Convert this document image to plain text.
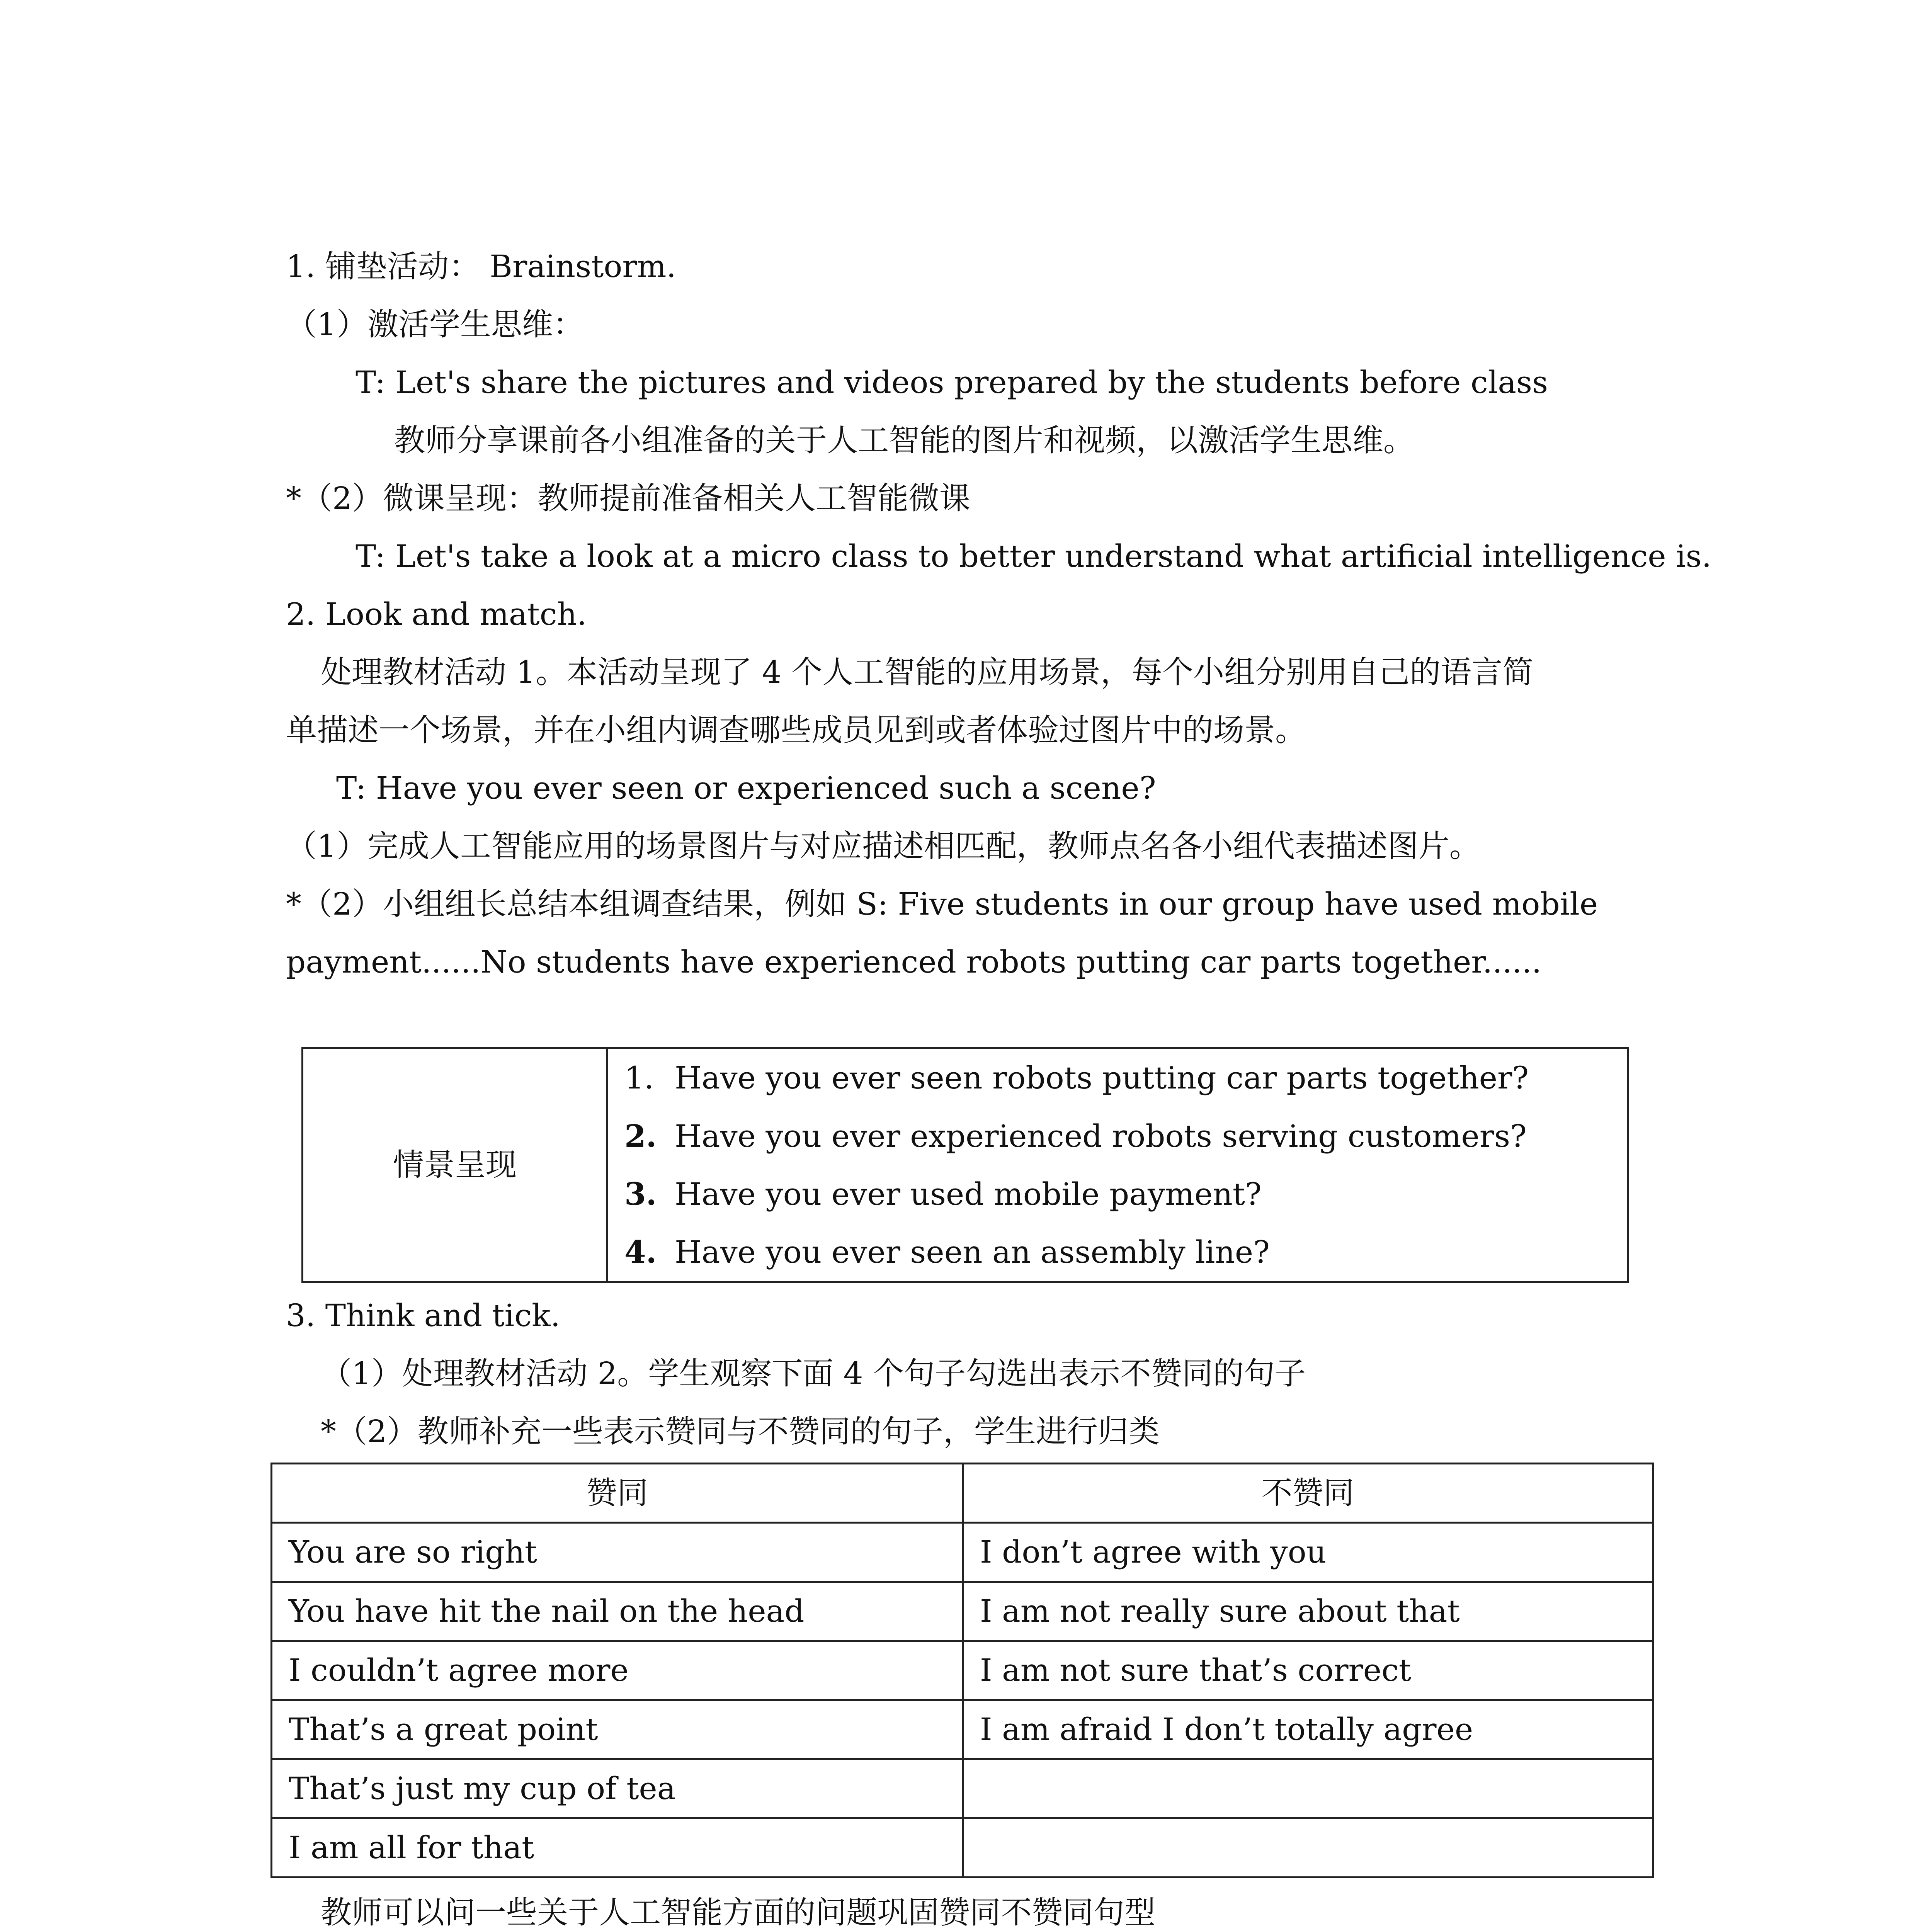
1. 铺垫活动： Brainstorm.
（1）激活学生思维：
T: Let's share the pictures and videos prepared by the students before class
教师分享课前各小组准备的关于人工智能的图片和视频，以激活学生思维。
*（2）微课呈现：教师提前准备相关人工智能微课
T: Let's take a look at a micro class to better understand what artificial intelligence is.
2. Look and match.
处理教材活动 1。本活动呈现了 4 个人工智能的应用场景，每个小组分别用自己的语言简
单描述一个场景，并在小组内调查哪些成员见到或者体验过图片中的场景。
T: Have you ever seen or experienced such a scene?
（1）完成人工智能应用的场景图片与对应描述相匹配，教师点名各小组代表描述图片。
*（2）小组组长总结本组调查结果，例如 S: Five students in our group have used mobile
payment......No students have experienced robots putting car parts together......
情景呈现	1. Have you ever seen robots putting car parts together?
2. Have you ever experienced robots serving customers?
3. Have you ever used mobile payment?
4. Have you ever seen an assembly line?
3. Think and tick.
（1）处理教材活动 2。学生观察下面 4 个句子勾选出表示不赞同的句子
*（2）教师补充一些表示赞同与不赞同的句子，学生进行归类
赞同	不赞同
You are so right	I don’t agree with you
You have hit the nail on the head	I am not really sure about that
I couldn’t agree more	I am not sure that’s correct
That’s a great point	I am afraid I don’t totally agree
That’s just my cup of tea	
I am all for that	
教师可以问一些关于人工智能方面的问题巩固赞同不赞同句型
